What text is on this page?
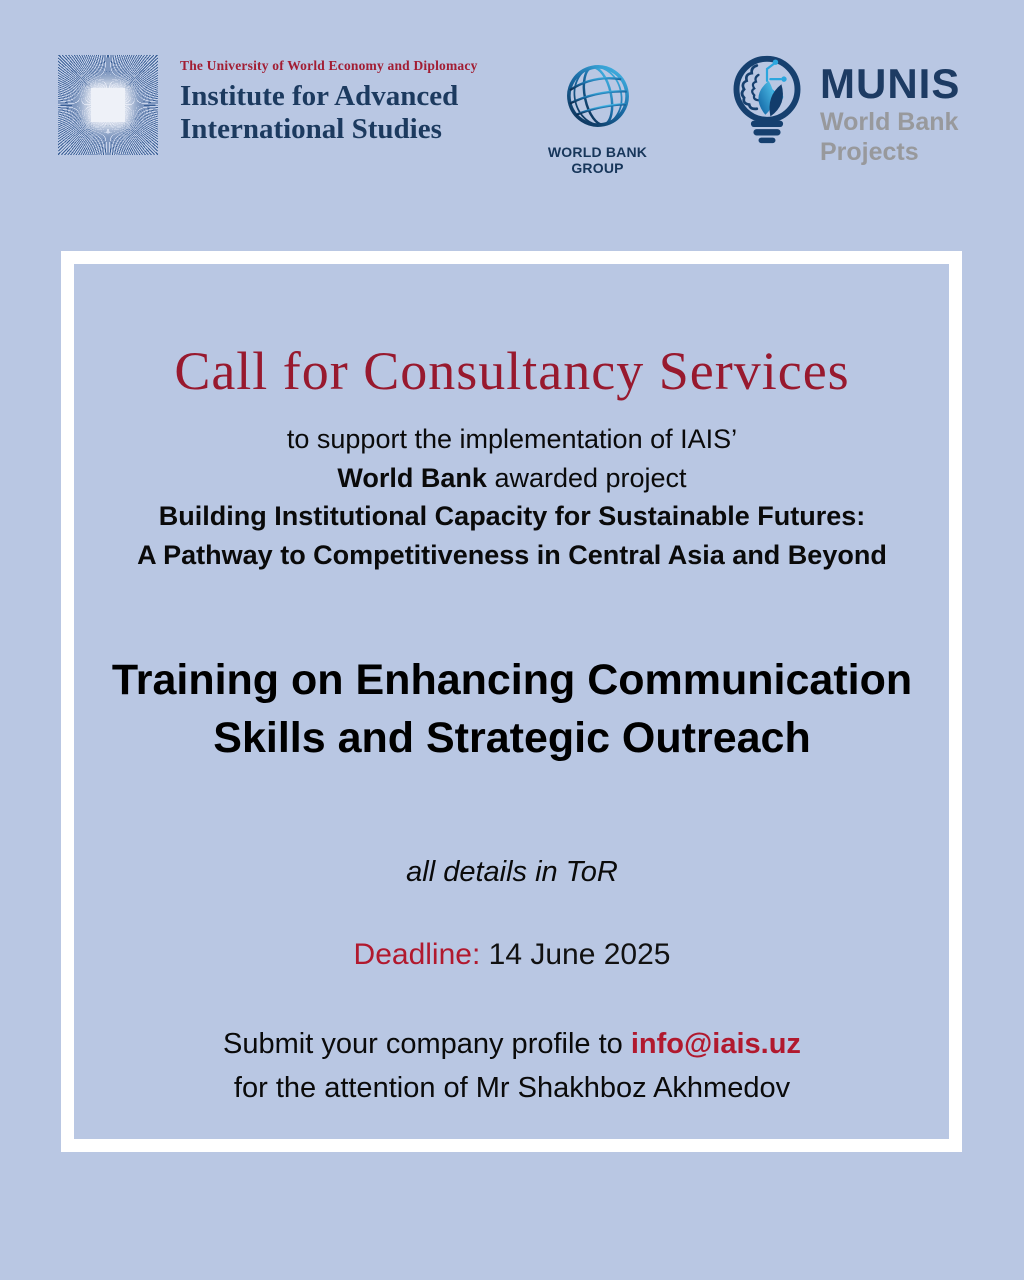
The University of World Economy and Diplomacy
Institute for Advanced
International Studies
WORLD BANK GROUP
MUNIS
World Bank
Projects
Call for Consultancy Services
to support the implementation of IAIS’
World Bank awarded project
Building Institutional Capacity for Sustainable Futures:
A Pathway to Competitiveness in Central Asia and Beyond
Training on Enhancing Communication
Skills and Strategic Outreach
all details in ToR
Deadline: 14 June 2025
Submit your company profile to info@iais.uz
for the attention of Mr Shakhboz Akhmedov
